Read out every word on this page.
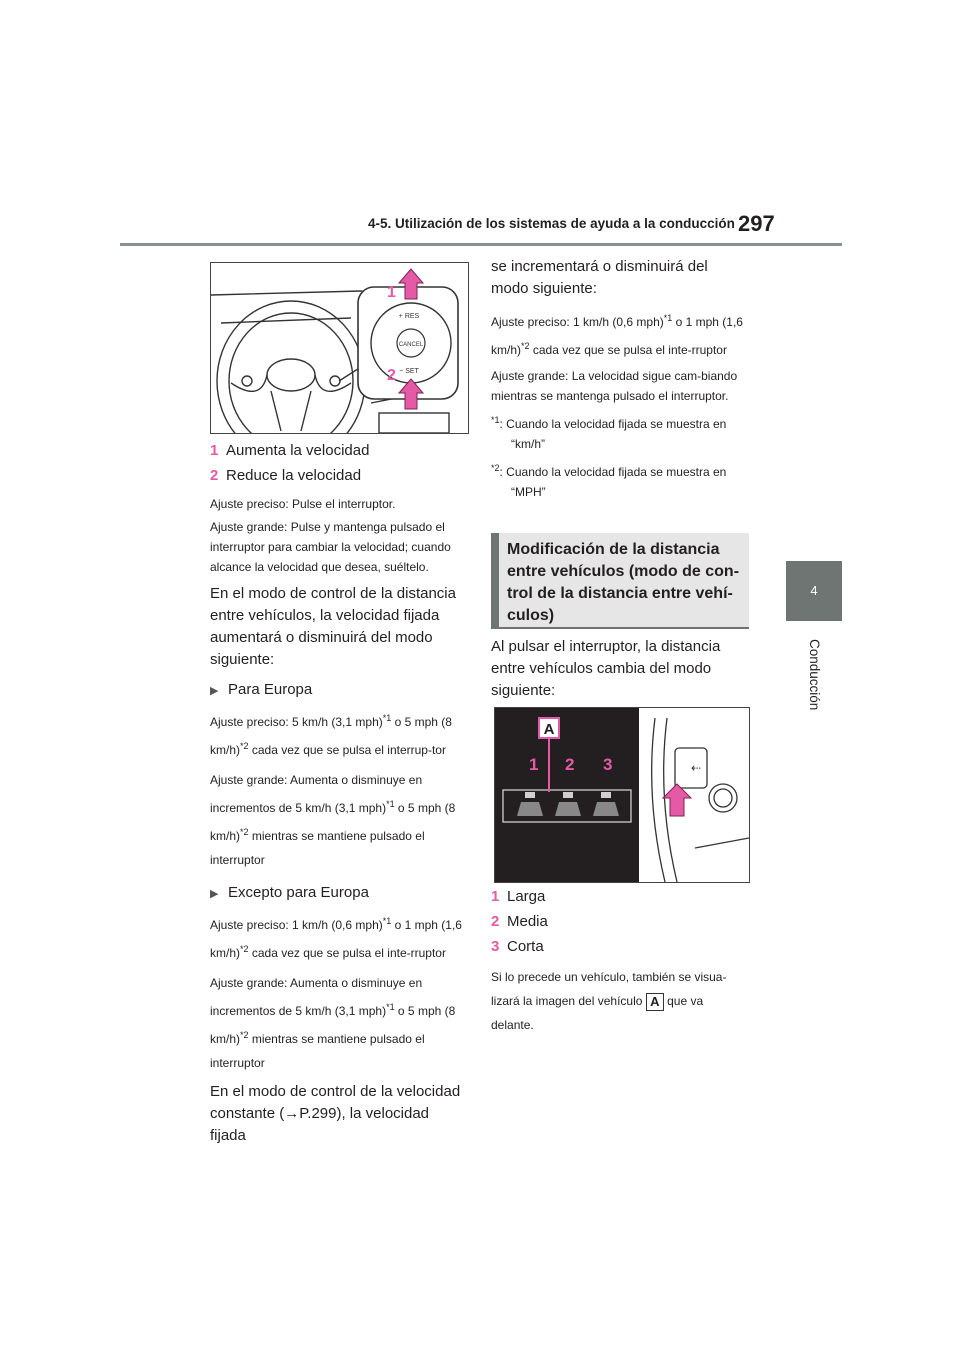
4-5. Utilización de los sistemas de ayuda a la conducción 297
4
Conducción
CANCEL
+ RES
− SET
1
2

1 Aumenta la velocidad

2 Reduce la velocidad

Ajuste preciso: Pulse el interruptor.

Ajuste grande: Pulse y mantenga pulsado el interruptor para cambiar la velocidad; cuando alcance la velocidad que desea, suéltelo.

En el modo de control de la distancia entre vehículos, la velocidad fijada aumentará o disminuirá del modo siguiente:

▶ Para Europa

Ajuste preciso: 5 km/h (3,1 mph)$^{*1}$ o 5 mph (8 km/h)$^{*2}$ cada vez que se pulsa el interrup-tor

Ajuste grande: Aumenta o disminuye en incrementos de 5 km/h (3,1 mph)$^{*1}$ o 5 mph (8 km/h)$^{*2}$ mientras se mantiene pulsado el interruptor

▶ Excepto para Europa

Ajuste preciso: 1 km/h (0,6 mph)$^{*1}$ o 1 mph (1,6 km/h)$^{*2}$ cada vez que se pulsa el inte-rruptor

Ajuste grande: Aumenta o disminuye en incrementos de 5 km/h (3,1 mph)$^{*1}$ o 5 mph (8 km/h)$^{*2}$ mientras se mantiene pulsado el interruptor

En el modo de control de la velocidad constante (→P.299), la velocidad fijada

se incrementará o disminuirá del modo siguiente:

Ajuste preciso: 1 km/h (0,6 mph)$^{*1}$ o 1 mph (1,6 km/h)$^{*2}$ cada vez que se pulsa el inte-rruptor

Ajuste grande: La velocidad sigue cam-biando mientras se mantenga pulsado el interruptor.

$^{*1}$: Cuando la velocidad fijada se muestra en “km/h”

$^{*2}$: Cuando la velocidad fijada se muestra en “MPH”

Modificación de la distancia entre vehículos (modo de con-trol de la distancia entre vehí-culos)

Al pulsar el interruptor, la distancia entre vehículos cambia del modo siguiente:

A
1 2 3	⇠

1 Larga

2 Media

3 Corta

Si lo precede un vehículo, también se visua-lizará la imagen del vehículo A que va delante.
